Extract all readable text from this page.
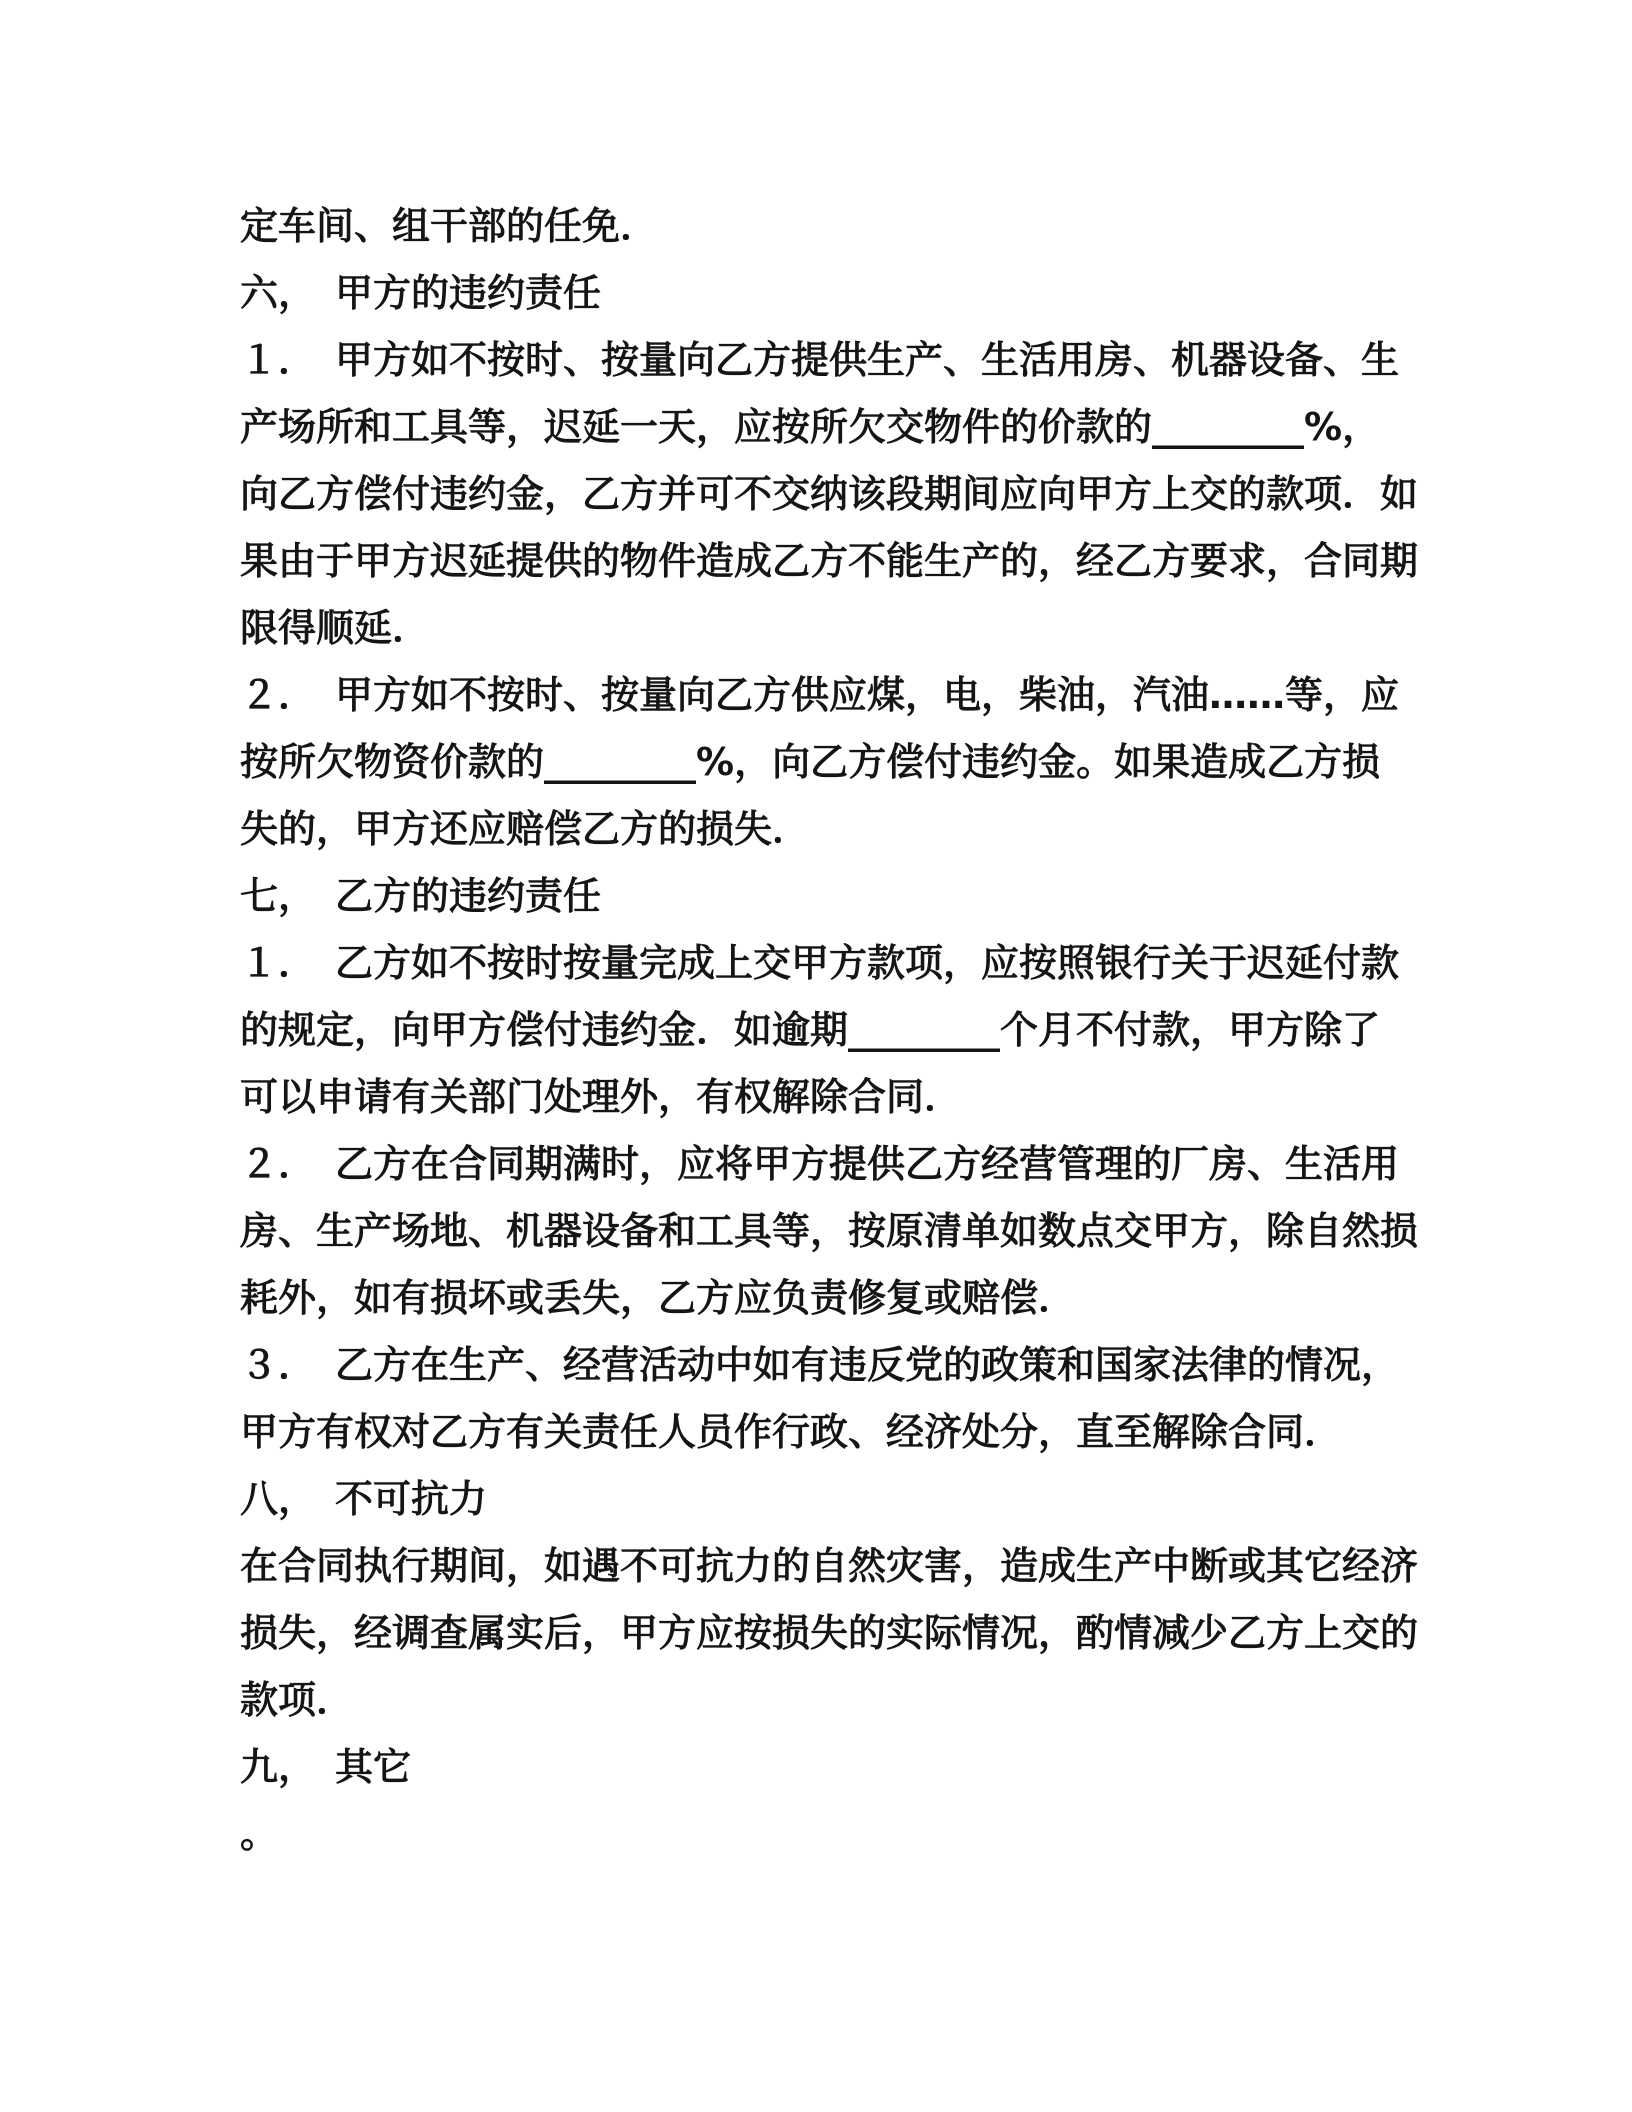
定车间、组干部的任免．
六，　甲方的违约责任
１．　甲方如不按时、按量向乙方提供生产、生活用房、机器设备、生
产场所和工具等，迟延一天，应按所欠交物件的价款的________%，
向乙方偿付违约金，乙方并可不交纳该段期间应向甲方上交的款项．如
果由于甲方迟延提供的物件造成乙方不能生产的，经乙方要求，合同期
限得顺延．
２．　甲方如不按时、按量向乙方供应煤，电，柴油，汽油……等，应
按所欠物资价款的________%，向乙方偿付违约金。如果造成乙方损
失的，甲方还应赔偿乙方的损失．
七，　乙方的违约责任
１．　乙方如不按时按量完成上交甲方款项，应按照银行关于迟延付款
的规定，向甲方偿付违约金．如逾期________个月不付款，甲方除了
可以申请有关部门处理外，有权解除合同．
２．　乙方在合同期满时，应将甲方提供乙方经营管理的厂房、生活用
房、生产场地、机器设备和工具等，按原清单如数点交甲方，除自然损
耗外，如有损坏或丢失，乙方应负责修复或赔偿．
３．　乙方在生产、经营活动中如有违反党的政策和国家法律的情况，
甲方有权对乙方有关责任人员作行政、经济处分，直至解除合同．
八，　不可抗力
在合同执行期间，如遇不可抗力的自然灾害，造成生产中断或其它经济
损失，经调查属实后，甲方应按损失的实际情况，酌情减少乙方上交的
款项．
九，　其它
。
